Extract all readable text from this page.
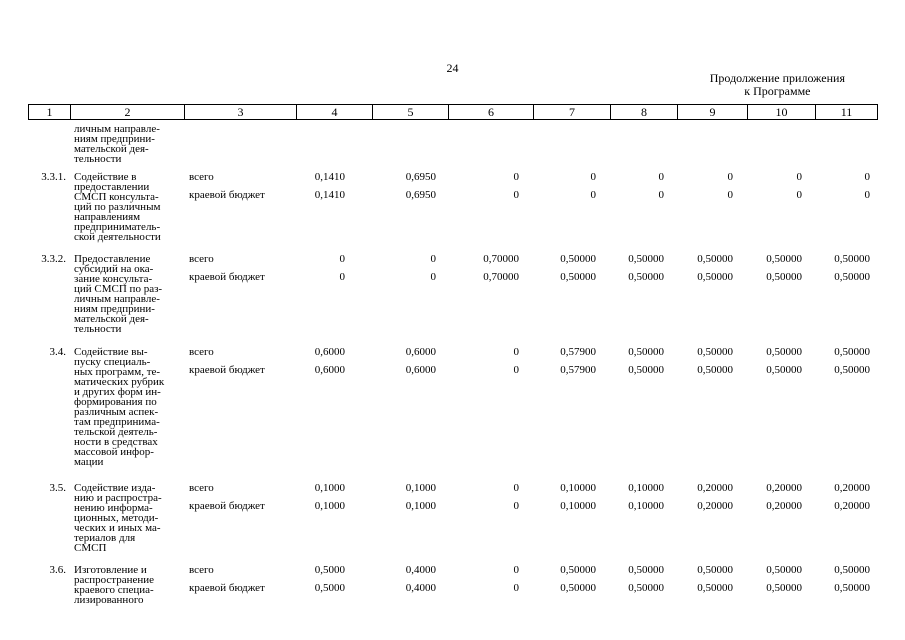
24
Продолжение приложения
к Программе
1	2	3	4	5	6	7	8	9	10	11
личным направле-
ниям предприни-
мательской дея-
тельности
3.3.1. Содействие в
предоставлении
СМСП консульта-
ций по различным
направлениям
предприниматель-
ской деятельности
всего	0,1410	0,6950	0	0	0	0	0	0
краевой бюджет	0,1410	0,6950	0	0	0	0	0	0
3.3.2. Предоставление
субсидий на ока-
зание консульта-
ций СМСП по раз-
личным направле-
ниям предприни-
мательской дея-
тельности
всего	0	0	0,70000	0,50000	0,50000	0,50000	0,50000	0,50000
краевой бюджет	0	0	0,70000	0,50000	0,50000	0,50000	0,50000	0,50000
3.4. Содействие вы-
пуску специаль-
ных программ, те-
матических рубрик
и других форм ин-
формирования по
различным аспек-
там предпринима-
тельской деятель-
ности в средствах
массовой инфор-
мации
всего	0,6000	0,6000	0	0,57900	0,50000	0,50000	0,50000	0,50000
краевой бюджет	0,6000	0,6000	0	0,57900	0,50000	0,50000	0,50000	0,50000
3.5. Содействие изда-
нию и распростра-
нению информа-
ционных, методи-
ческих и иных ма-
териалов для
СМСП
всего	0,1000	0,1000	0	0,10000	0,10000	0,20000	0,20000	0,20000
краевой бюджет	0,1000	0,1000	0	0,10000	0,10000	0,20000	0,20000	0,20000
3.6. Изготовление и
распространение
краевого специа-
лизированного
всего	0,5000	0,4000	0	0,50000	0,50000	0,50000	0,50000	0,50000
краевой бюджет	0,5000	0,4000	0	0,50000	0,50000	0,50000	0,50000	0,50000
